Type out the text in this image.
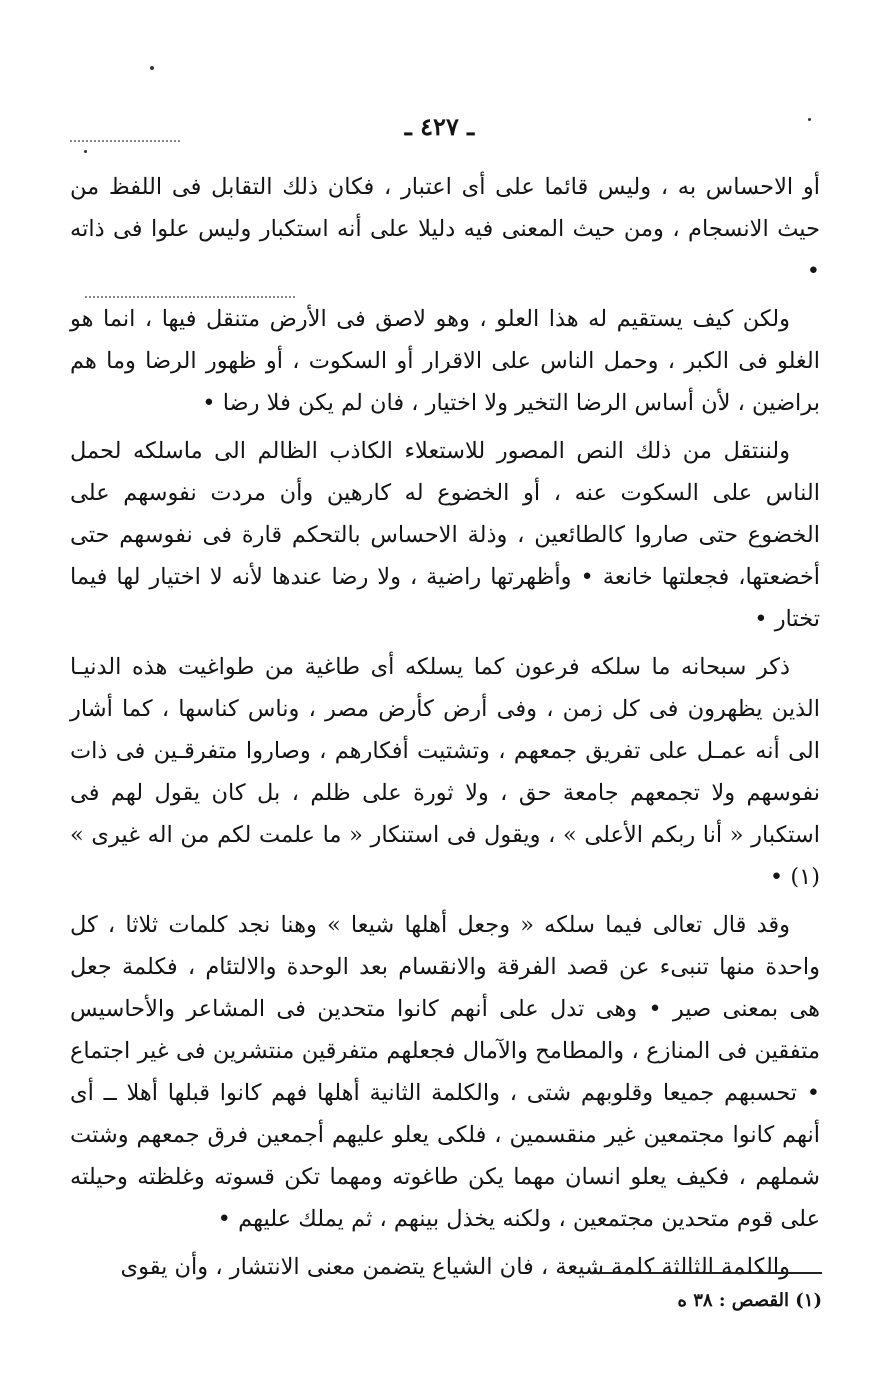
ـ ٤٢٧ ـ

أو الاحساس به ، وليس قائما على أى اعتبار ، فكان ذلك التقابل فى اللفظ من حيث الانسجام ، ومن حيث المعنى فيه دليلا على أنه استكبار وليس علوا فى ذاته •

ولكن كيف يستقيم له هذا العلو ، وهو لاصق فى الأرض متنقل فيها ، انما هو الغلو فى الكبر ، وحمل الناس على الاقرار أو السكوت ، أو ظهور الرضا وما هم براضين ، لأن أساس الرضا التخير ولا اختيار ، فان لم يكن فلا رضا •

ولننتقل من ذلك النص المصور للاستعلاء الكاذب الظالم الى ماسلكه لحمل الناس على السكوت عنه ، أو الخضوع له كارهين وأن مردت نفوسهم على الخضوع حتى صاروا كالطائعين ، وذلة الاحساس بالتحكم قارة فى نفوسهم حتى أخضعتها، فجعلتها خانعة • وأظهرتها راضية ، ولا رضا عندها لأنه لا اختيار لها فيما تختار •

ذكر سبحانه ما سلكه فرعون كما يسلكه أى طاغية من طواغيت هذه الدنيـا الذين يظهرون فى كل زمن ، وفى أرض كأرض مصر ، وناس كناسها ، كما أشار الى أنه عمـل على تفريق جمعهم ، وتشتيت أفكارهم ، وصاروا متفرقـين فى ذات نفوسهم ولا تجمعهم جامعة حق ، ولا ثورة على ظلم ، بل كان يقول لهم فى استكبار « أنا ربكم الأعلى » ، ويقول فى استنكار « ما علمت لكم من اله غيرى » (١) •

وقد قال تعالى فيما سلكه « وجعل أهلها شيعا » وهنا نجد كلمات ثلاثا ، كل واحدة منها تنبىء عن قصد الفرقة والانقسام بعد الوحدة والالتئام ، فكلمة جعل هى بمعنى صير • وهى تدل على أنهم كانوا متحدين فى المشاعر والأحاسيس متفقين فى المنازع ، والمطامح والآمال فجعلهم متفرقين منتشرين فى غير اجتماع • تحسبهم جميعا وقلوبهم شتى ، والكلمة الثانية أهلها فهم كانوا قبلها أهلا ــ أى أنهم كانوا مجتمعين غير منقسمين ، فلكى يعلو عليهم أجمعين فرق جمعهم وشتت شملهم ، فكيف يعلو انسان مهما يكن طاغوته ومهما تكن قسوته وغلظته وحيلته على قوم متحدين مجتمعين ، ولكنه يخذل بينهم ، ثم يملك عليهم •

والكلمة الثالثة كلمة شيعة ، فان الشياع يتضمن معنى الانتشار ، وأن يقوى

(١) القصص : ٣٨ ه
